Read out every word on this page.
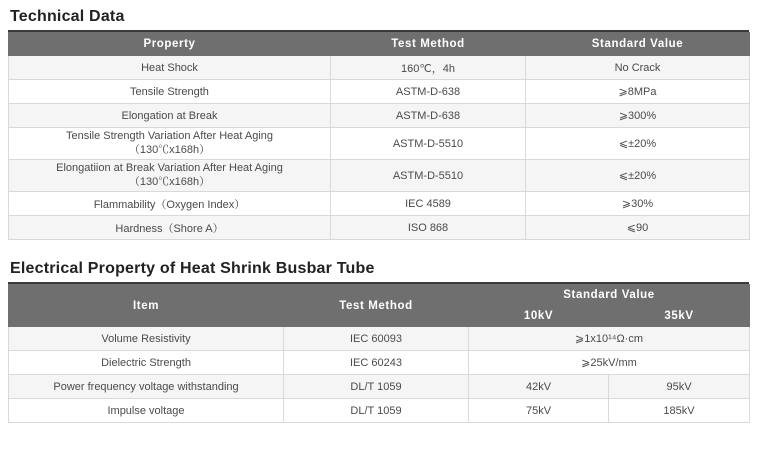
Technical Data
Property	Test Method	Standard Value
Heat Shock	160℃，4h	No Crack
Tensile Strength	ASTM-D-638	⩾8MPa
Elongation at Break	ASTM-D-638	⩾300%

Tensile Strength Variation After Heat Aging
（130℃x168h）	ASTM-D-5510	⩽±20%

Elongatiion at Break Variation After Heat Aging
（130℃x168h）	ASTM-D-5510	⩽±20%
Flammability（Oxygen Index）	IEC 4589	⩾30%
Hardness（Shore A）	ISO 868	⩽90
Electrical Property of Heat Shrink Busbar Tube
Item	Test Method	Standard Value	
		10kV	35kV
Volume Resistivity	IEC 60093	⩾1x10¹⁴Ω·cm	
Dielectric Strength	IEC 60243	⩾25kV/mm	
Power frequency voltage withstanding	DL/T 1059	42kV	95kV
Impulse voltage	DL/T 1059	75kV	185kV
